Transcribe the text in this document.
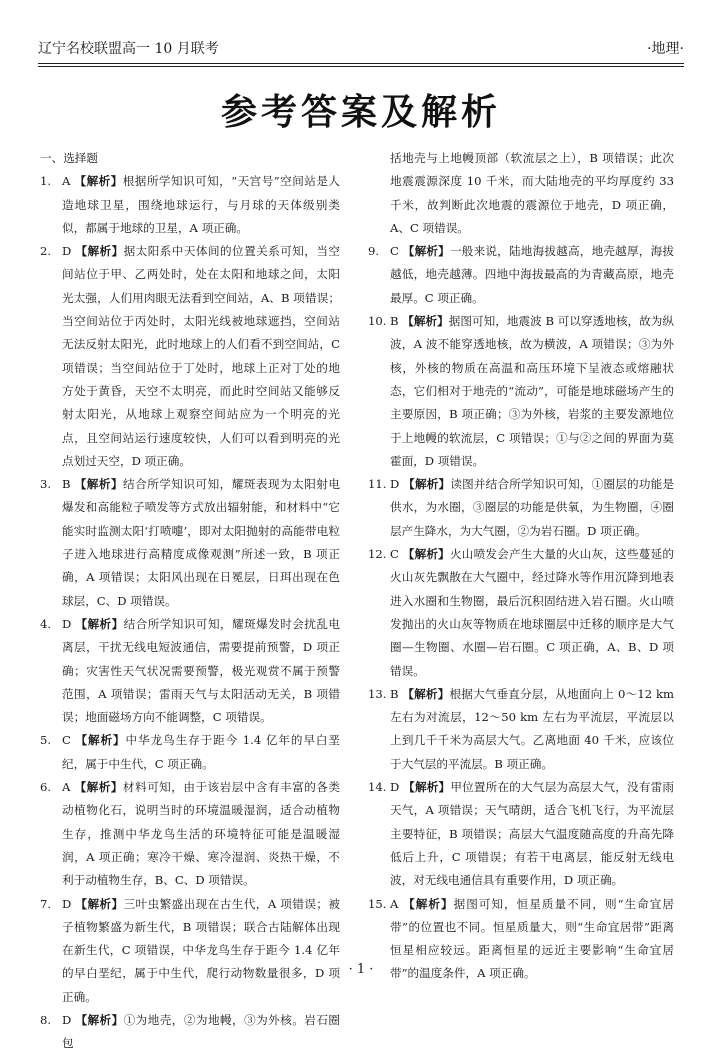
辽宁名校联盟高一 10 月联考	·地理·
参考答案及解析
一、选择题

1. A 【解析】根据所学知识可知，“天宫号”空间站是人造地球卫星，围绕地球运行，与月球的天体级别类似，都属于地球的卫星，A 项正确。

2. D 【解析】据太阳系中天体间的位置关系可知，当空间站位于甲、乙两处时，处在太阳和地球之间，太阳光太强，人们用肉眼无法看到空间站，A、B 项错误；当空间站位于丙处时，太阳光线被地球遮挡，空间站无法反射太阳光，此时地球上的人们看不到空间站，C 项错误；当空间站位于丁处时，地球上正对丁处的地方处于黄昏，天空不太明亮，而此时空间站又能够反射太阳光，从地球上观察空间站应为一个明亮的光点，且空间站运行速度较快，人们可以看到明亮的光点划过天空，D 项正确。

3. B 【解析】结合所学知识可知，耀斑表现为太阳射电爆发和高能粒子喷发等方式放出辐射能，和材料中“它能实时监测太阳‘打喷嚏’，即对太阳抛射的高能带电粒子进入地球进行高精度成像观测”所述一致，B 项正确，A 项错误；太阳风出现在日冕层，日珥出现在色球层，C、D 项错误。

4. D 【解析】结合所学知识可知，耀斑爆发时会扰乱电离层，干扰无线电短波通信，需要提前预警，D 项正确；灾害性天气状况需要预警，极光观赏不属于预警范围，A 项错误；雷雨天气与太阳活动无关，B 项错误；地面磁场方向不能调整，C 项错误。

5. C 【解析】中华龙鸟生存于距今 1.4 亿年的早白垩纪，属于中生代，C 项正确。

6. A 【解析】材料可知，由于该岩层中含有丰富的各类动植物化石，说明当时的环境温暖湿润，适合动植物生存，推测中华龙鸟生活的环境特征可能是温暖湿润，A 项正确；寒冷干燥、寒冷湿润、炎热干燥，不利于动植物生存，B、C、D 项错误。

7. D 【解析】三叶虫繁盛出现在古生代，A 项错误；被子植物繁盛为新生代，B 项错误；联合古陆解体出现在新生代，C 项错误，中华龙鸟生存于距今 1.4 亿年的早白垩纪，属于中生代，爬行动物数量很多，D 项正确。

8. D 【解析】①为地壳，②为地幔，③为外核。岩石圈包

括地壳与上地幔顶部（软流层之上），B 项错误；此次地震震源深度 10 千米，而大陆地壳的平均厚度约 33 千米，故判断此次地震的震源位于地壳，D 项正确，A、C 项错误。

9. C 【解析】一般来说，陆地海拔越高，地壳越厚，海拔越低，地壳越薄。四地中海拔最高的为青藏高原，地壳最厚。C 项正确。

10. B 【解析】据图可知，地震波 B 可以穿透地核，故为纵波，A 波不能穿透地核，故为横波，A 项错误；③为外核，外核的物质在高温和高压环境下呈液态或熔融状态，它们相对于地壳的“流动”，可能是地球磁场产生的主要原因，B 项正确；③为外核，岩浆的主要发源地位于上地幔的软流层，C 项错误；①与②之间的界面为莫霍面，D 项错误。

11. D 【解析】读图并结合所学知识可知，①圈层的功能是供水，为水圈，③圈层的功能是供氧，为生物圈，④圈层产生降水，为大气圈，②为岩石圈。D 项正确。

12. C 【解析】火山喷发会产生大量的火山灰，这些蔓延的火山灰先飘散在大气圈中，经过降水等作用沉降到地表进入水圈和生物圈，最后沉积固结进入岩石圈。火山喷发抛出的火山灰等物质在地球圈层中迁移的顺序是大气圈—生物圈、水圈—岩石圈。C 项正确，A、B、D 项错误。

13. B 【解析】根据大气垂直分层，从地面向上 0～12 km 左右为对流层，12～50 km 左右为平流层，平流层以上到几千千米为高层大气。乙离地面 40 千米，应该位于大气层的平流层。B 项正确。

14. D 【解析】甲位置所在的大气层为高层大气，没有雷雨天气，A 项错误；天气晴朗，适合飞机飞行，为平流层主要特征，B 项错误；高层大气温度随高度的升高先降低后上升，C 项错误；有若干电离层，能反射无线电波，对无线电通信具有重要作用，D 项正确。

15. A 【解析】据图可知，恒星质量不同，则“生命宜居带”的位置也不同。恒星质量大，则“生命宜居带”距离恒星相应较远。距离恒星的远近主要影响“生命宜居带”的温度条件，A 项正确。

· 1 ·
